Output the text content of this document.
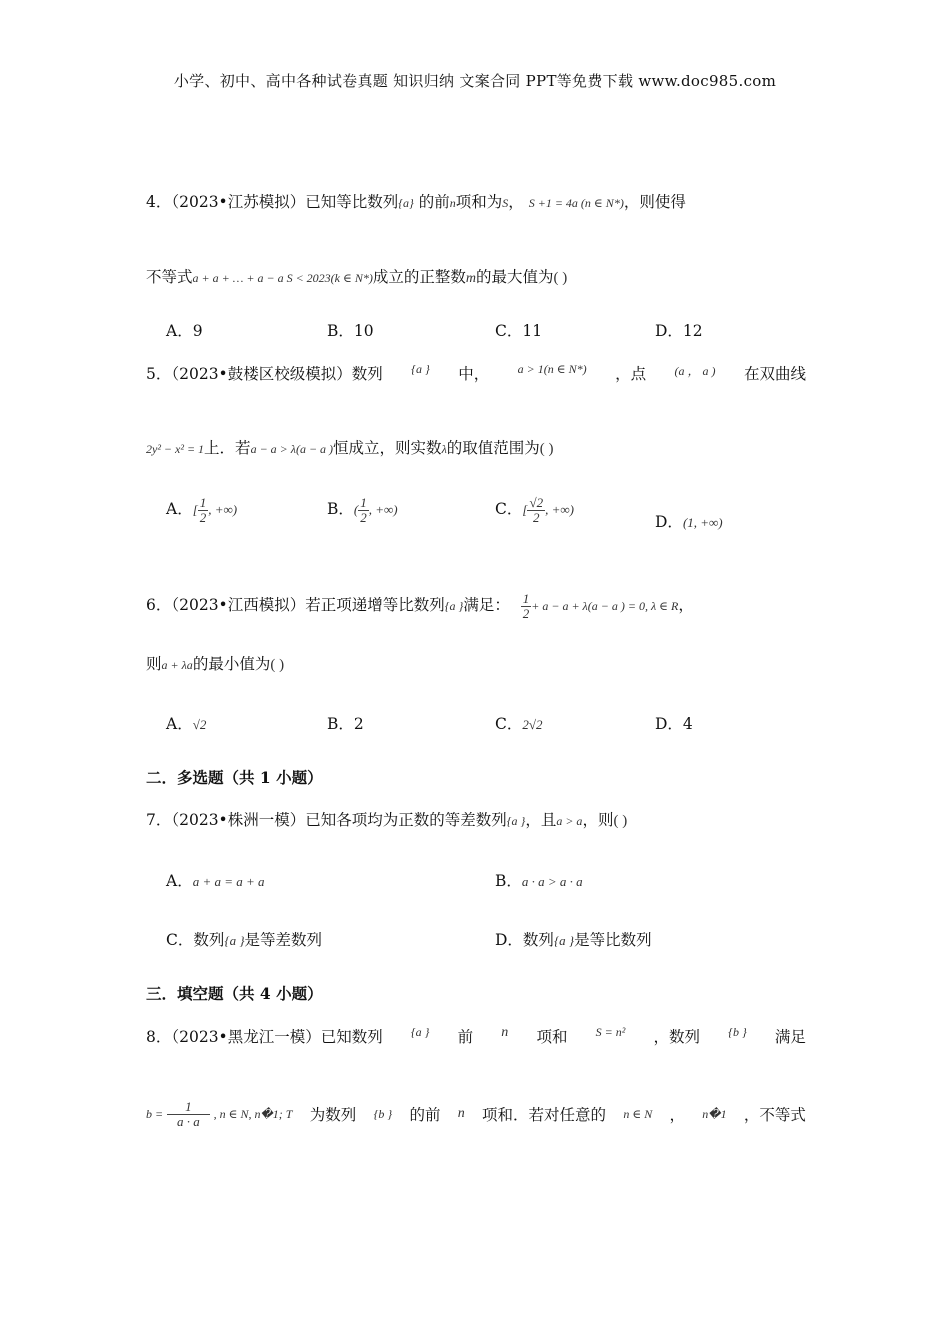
小学、初中、高中各种试卷真题 知识归纳 文案合同 PPT等免费下载 www.doc985.com
4．（2023•江苏模拟）已知等比数列{a} 的前n项和为S， S +1 = 4a (n ∈ N*)，则使得
不等式a + a + … + a − a S < 2023(k ∈ N*)成立的正整数m的最大值为( )
A．9	B．10	C．11	D．12
5．（2023•鼓楼区校级模拟）数列 {a } 中， a > 1(n ∈ N*) ，点 (a ， a ) 在双曲线
2y² − x² = 1上．若a − a > λ(a − a )恒成立，则实数λ的取值范围为( )
A．[ $\frac{1}{2}$ , +∞)	B．( $\frac{1}{2}$ , +∞)	C．[ $\frac{√2}{2}$ , +∞)
D．(1, +∞)
6．（2023•江西模拟）若正项递增等比数列{a }满足： $\frac{1}{2} + a - a + \lambda(a - a$ ) = 0, λ ∈ R，
则a + λa的最小值为( )
A．√2	B．2	C．2√2	D．4
二．多选题（共 1 小题）
7．（2023•株洲一模）已知各项均为正数的等差数列{a }，且a > a，则( )
A．a + a = a + a	B．a · a > a · a
C．数列{a }是等差数列	D．数列{a }是等比数列
三．填空题（共 4 小题）
8．（2023•黑龙江一模）已知数列 {a } 前 n 项和 S = n² ，数列 {b } 满足
$b = \frac{1}{a \cdot a}$ , n ∈ N, n�1; T 为数列 {b } 的前 n 项和．若对任意的 n ∈ N ， n�1 ，不等式
